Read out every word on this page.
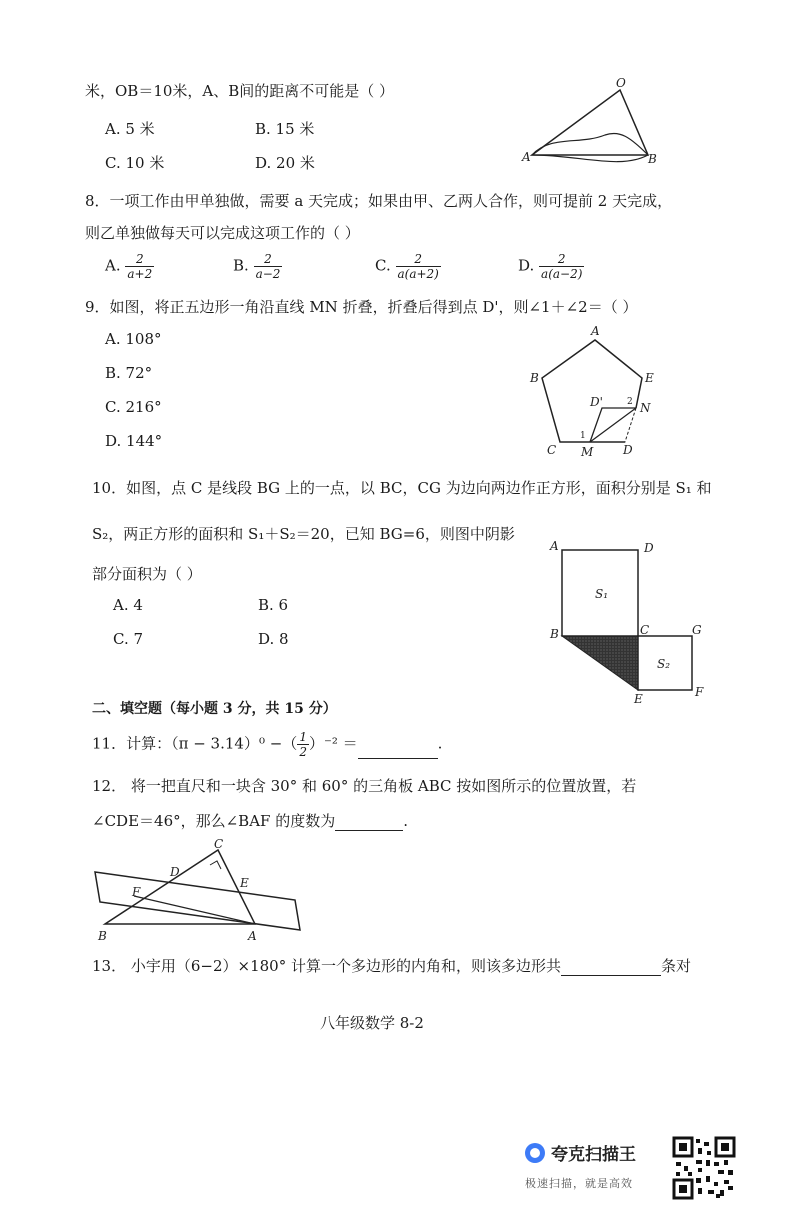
米，OB＝10米，A、B间的距离不可能是（ ）
A. 5 米	B. 15 米
C. 10 米	D. 20 米
O
A	B
8．一项工作由甲单独做，需要 a 天完成；如果由甲、乙两人合作，则可提前 2 天完成，
则乙单独做每天可以完成这项工作的（ ）
A. $\frac{2}{a+2}$	B. $\frac{2}{a-2}$	C. $\frac{2}{a(a+2)}$	D. $\frac{2}{a(a-2)}$
9．如图，将正五边形一角沿直线 MN 折叠，折叠后得到点 D'，则∠1＋∠2＝（ ）
A. 108°
B. 72°
C. 216°
D. 144°
A
B	E
C	D
M
N
D'
1
2
10．如图，点 C 是线段 BG 上的一点，以 BC，CG 为边向两边作正方形，面积分别是 S₁ 和
S₂，两正方形的面积和 S₁＋S₂＝20，已知 BG=6，则图中阴影
部分面积为（ ）
A. 4	B. 6
C. 7	D. 8
A	D
B	C	G
E	F
S₁
S₂
二、填空题（每小题 3 分，共 15 分）
11．计算：（π − 3.14）⁰ −（ $\frac{1}{2} )^{-2}$ ＝	.
12． 将一把直尺和一块含 30° 和 60° 的三角板 ABC 按如图所示的位置放置，若
∠CDE＝46°，那么∠BAF 的度数为	.
B	A
C
D
E
F
13． 小宇用（6−2）×180° 计算一个多边形的内角和，则该多边形共	条对
八年级数学 8-2
夸克扫描王
极速扫描，就是高效
